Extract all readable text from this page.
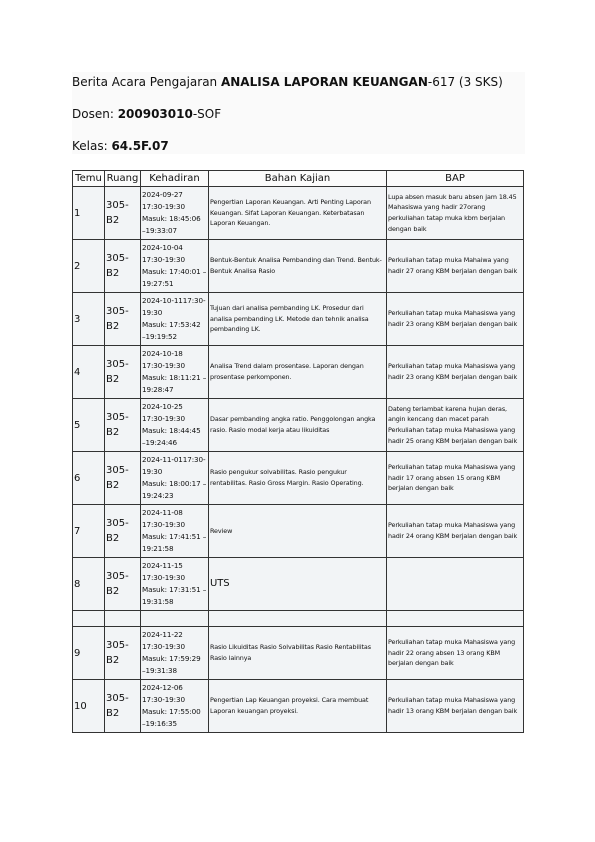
Berita Acara Pengajaran ANALISA LAPORAN KEUANGAN-617 (3 SKS)
Dosen: 200903010-SOF
Kelas: 64.5F.07
Temu	Ruang	Kehadiran	Bahan Kajian	BAP
1	305-B2	2024-09-27
17:30-19:30
Masuk: 18:45:06
–19:33:07	Pengertian Laporan Keuangan. Arti Penting Laporan Keuangan. Sifat Laporan Keuangan. Keterbatasan Laporan Keuangan.	Lupa absen masuk baru absen jam 18.45 Mahasiswa yang hadir 27orang perkuliahan tatap muka kbm berjalan dengan baik
2	305-B2	2024-10-04
17:30-19:30
Masuk: 17:40:01 –
19:27:51	Bentuk-Bentuk Analisa Pembanding dan Trend. Bentuk-Bentuk Analisa Rasio	Perkuliahan tatap muka Mahaiwa yang hadir 27 orang KBM berjalan dengan baik
3	305-B2	2024-10-1117:30-
19:30
Masuk: 17:53:42
–19:19:52	Tujuan dari analisa pembanding LK. Prosedur dari analisa pembanding LK. Metode dan tehnik analisa pembanding LK.	Perkuliahan tatap muka Mahasiswa yang hadir 23 orang KBM berjalan dengan baik
4	305-B2	2024-10-18
17:30-19:30
Masuk: 18:11:21 –
19:28:47	Analisa Trend dalam prosentase. Laporan dengan prosentase perkomponen.	Perkuliahan tatap muka Mahasiswa yang hadir 23 orang KBM berjalan dengan baik
5	305-B2	2024-10-25
17:30-19:30
Masuk: 18:44:45
–19:24:46	Dasar pembanding angka ratio. Penggolongan angka rasio. Rasio modal kerja atau likuiditas	Dateng terlambat karena hujan deras, angin kencang dan macet parah Perkuliahan tatap muka Mahasiswa yang hadir 25 orang KBM berjalan dengan baik
6	305-B2	2024-11-0117:30-
19:30
Masuk: 18:00:17 –
19:24:23	Rasio pengukur solvabilitas. Rasio pengukur rentabilitas. Rasio Gross Margin. Rasio Operating.	Perkuliahan tatap muka Mahasiswa yang hadir 17 orang absen 15 orang KBM berjalan dengan baik
7	305-B2	2024-11-08
17:30-19:30
Masuk: 17:41:51 –
19:21:58	Review	Perkuliahan tatap muka Mahasiswa yang hadir 24 orang KBM berjalan dengan baik
8	305-B2	2024-11-15
17:30-19:30
Masuk: 17:31:51 –
19:31:58	UTS	

9	305-B2	2024-11-22
17:30-19:30
Masuk: 17:59:29
–19:31:38	Rasio Likuiditas Rasio Solvabilitas Rasio Rentabilitas Rasio lainnya	Perkuliahan tatap muka Mahasiswa yang hadir 22 orang absen 13 orang KBM berjalan dengan baik
10	305-B2	2024-12-06
17:30-19:30
Masuk: 17:55:00
–19:16:35	Pengertian Lap Keuangan proyeksi. Cara membuat Laporan keuangan proyeksi.	Perkuliahan tatap muka Mahasiswa yang hadir 13 orang KBM berjalan dengan baik
